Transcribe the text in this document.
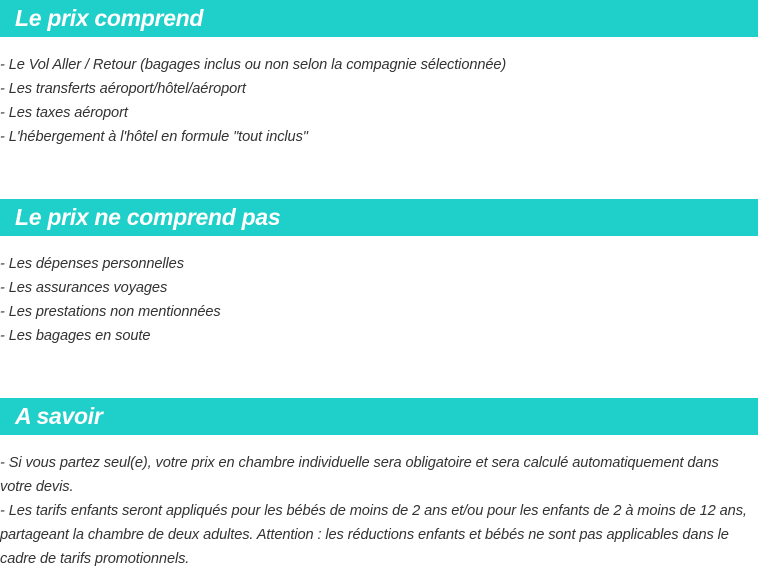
Le prix comprend
- Le Vol Aller / Retour (bagages inclus ou non selon la compagnie sélectionnée)
- Les transferts aéroport/hôtel/aéroport
- Les taxes aéroport
- L'hébergement à l'hôtel en formule "tout inclus"
Le prix ne comprend pas
- Les dépenses personnelles
- Les assurances voyages
- Les prestations non mentionnées
- Les bagages en soute
A savoir
- Si vous partez seul(e), votre prix en chambre individuelle sera obligatoire et sera calculé automatiquement dans votre devis.
- Les tarifs enfants seront appliqués pour les bébés de moins de 2 ans et/ou pour les enfants de 2 à moins de 12 ans, partageant la chambre de deux adultes. Attention : les réductions enfants et bébés ne sont pas applicables dans le cadre de tarifs promotionnels.
